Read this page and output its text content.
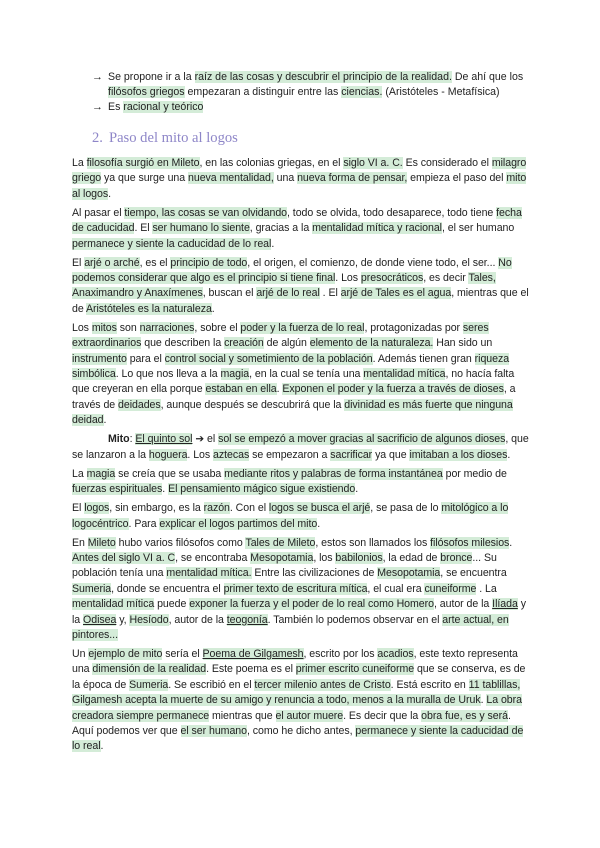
→ Se propone ir a la raíz de las cosas y descubrir el principio de la realidad. De ahí que los filósofos griegos empezaran a distinguir entre las ciencias. (Aristóteles - Metafísica)
→ Es racional y teórico
2. Paso del mito al logos

La filosofía surgió en Mileto, en las colonias griegas, en el siglo VI a. C. Es considerado el milagro griego ya que surge una nueva mentalidad, una nueva forma de pensar, empieza el paso del mito al logos.

Al pasar el tiempo, las cosas se van olvidando, todo se olvida, todo desaparece, todo tiene fecha de caducidad. El ser humano lo siente, gracias a la mentalidad mítica y racional, el ser humano permanece y siente la caducidad de lo real.

El arjé o arché, es el principio de todo, el origen, el comienzo, de donde viene todo, el ser... No podemos considerar que algo es el principio si tiene final. Los presocráticos, es decir Tales, Anaximandro y Anaxímenes, buscan el arjé de lo real . El arjé de Tales es el agua, mientras que el de Aristóteles es la naturaleza.

Los mitos son narraciones, sobre el poder y la fuerza de lo real, protagonizadas por seres extraordinarios que describen la creación de algún elemento de la naturaleza. Han sido un instrumento para el control social y sometimiento de la población. Además tienen gran riqueza simbólica. Lo que nos lleva a la magia, en la cual se tenía una mentalidad mítica, no hacía falta que creyeran en ella porque estaban en ella. Exponen el poder y la fuerza a través de dioses, a través de deidades, aunque después se descubrirá que la divinidad es más fuerte que ninguna deidad.

Mito: El quinto sol ➔ el sol se empezó a mover gracias al sacrificio de algunos dioses, que se lanzaron a la hoguera. Los aztecas se empezaron a sacrificar ya que imitaban a los dioses.

La magia se creía que se usaba mediante ritos y palabras de forma instantánea por medio de fuerzas espirituales. El pensamiento mágico sigue existiendo.

El logos, sin embargo, es la razón. Con el logos se busca el arjé, se pasa de lo mitológico a lo logocéntrico. Para explicar el logos partimos del mito.

En Mileto hubo varios filósofos como Tales de Mileto, estos son llamados los filósofos milesios. Antes del siglo VI a. C, se encontraba Mesopotamia, los babilonios, la edad de bronce... Su población tenía una mentalidad mítica. Entre las civilizaciones de Mesopotamia, se encuentra Sumeria, donde se encuentra el primer texto de escritura mítica, el cual era cuneiforme . La mentalidad mítica puede exponer la fuerza y el poder de lo real como Homero, autor de la Ilíada y la Odisea y, Hesíodo, autor de la teogonía. También lo podemos observar en el arte actual, en pintores...

Un ejemplo de mito sería el Poema de Gilgamesh, escrito por los acadios, este texto representa una dimensión de la realidad. Este poema es el primer escrito cuneiforme que se conserva, es de la época de Sumeria. Se escribió en el tercer milenio antes de Cristo. Está escrito en 11 tablillas, Gilgamesh acepta la muerte de su amigo y renuncia a todo, menos a la muralla de Uruk. La obra creadora siempre permanece mientras que el autor muere. Es decir que la obra fue, es y será. Aquí podemos ver que el ser humano, como he dicho antes, permanece y siente la caducidad de lo real.
